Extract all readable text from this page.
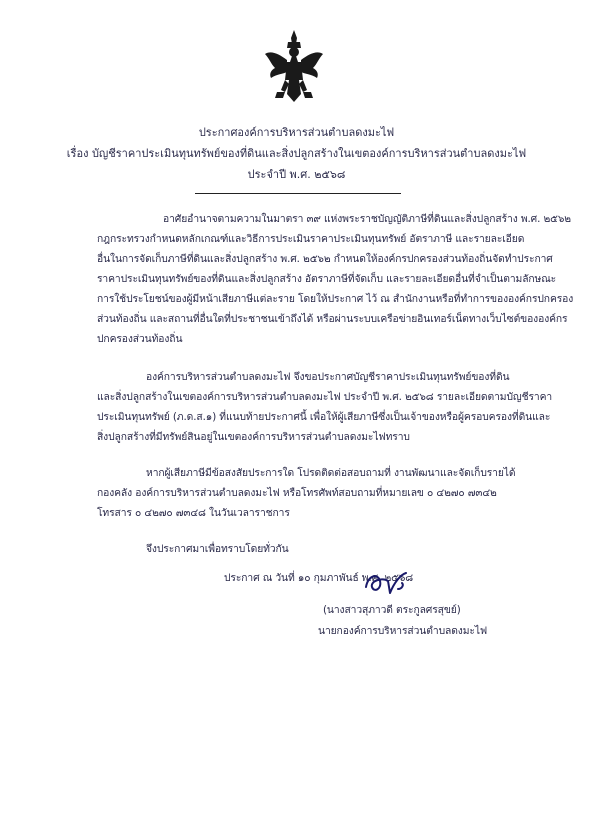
ประกาศองค์การบริหารส่วนตำบลดงมะไฟ
เรื่อง บัญชีราคาประเมินทุนทรัพย์ของที่ดินและสิ่งปลูกสร้างในเขตองค์การบริหารส่วนตำบลดงมะไฟ
ประจำปี พ.ศ. ๒๕๖๘
อาศัยอำนาจตามความในมาตรา ๓๙ แห่งพระราชบัญญัติภาษีที่ดินและสิ่งปลูกสร้าง พ.ศ. ๒๕๖๒
กฎกระทรวงกำหนดหลักเกณฑ์และวิธีการประเมินราคาประเมินทุนทรัพย์ อัตราภาษี และรายละเอียด
อื่นในการจัดเก็บภาษีที่ดินและสิ่งปลูกสร้าง พ.ศ. ๒๕๖๒ กำหนดให้องค์กรปกครองส่วนท้องถิ่นจัดทำประกาศ
ราคาประเมินทุนทรัพย์ของที่ดินและสิ่งปลูกสร้าง อัตราภาษีที่จัดเก็บ และรายละเอียดอื่นที่จำเป็นตามลักษณะ
การใช้ประโยชน์ของผู้มีหน้าเสียภาษีแต่ละราย โดยให้ประกาศ ไว้ ณ สำนักงานหรือที่ทำการขององค์กรปกครอง
ส่วนท้องถิ่น และสถานที่อื่นใดที่ประชาชนเข้าถึงได้ หรือผ่านระบบเครือข่ายอินเทอร์เน็ตทางเว็บไซต์ขององค์กร
ปกครองส่วนท้องถิ่น
องค์การบริหารส่วนตำบลดงมะไฟ จึงขอประกาศบัญชีราคาประเมินทุนทรัพย์ของที่ดิน
และสิ่งปลูกสร้างในเขตองค์การบริหารส่วนตำบลดงมะไฟ ประจำปี พ.ศ. ๒๕๖๘ รายละเอียดตามบัญชีราคา
ประเมินทุนทรัพย์ (ภ.ด.ส.๑) ที่แนบท้ายประกาศนี้ เพื่อให้ผู้เสียภาษีซึ่งเป็นเจ้าของหรือผู้ครอบครองที่ดินและ
สิ่งปลูกสร้างที่มีทรัพย์สินอยู่ในเขตองค์การบริหารส่วนตำบลดงมะไฟทราบ
หากผู้เสียภาษีมีข้อสงสัยประการใด โปรดติดต่อสอบถามที่ งานพัฒนาและจัดเก็บรายได้
กองคลัง องค์การบริหารส่วนตำบลดงมะไฟ หรือโทรศัพท์สอบถามที่หมายเลข ๐ ๔๒๗๐ ๗๓๔๒
โทรสาร ๐ ๔๒๗๐ ๗๓๔๘ ในวันเวลาราชการ
จึงประกาศมาเพื่อทราบโดยทั่วกัน
ประกาศ ณ วันที่ ๑๐ กุมภาพันธ์ พ.ศ. ๒๕๖๘
(นางสาวสุภาวดี ตระกูลศรสุขย์)
นายกองค์การบริหารส่วนตำบลดงมะไฟ
